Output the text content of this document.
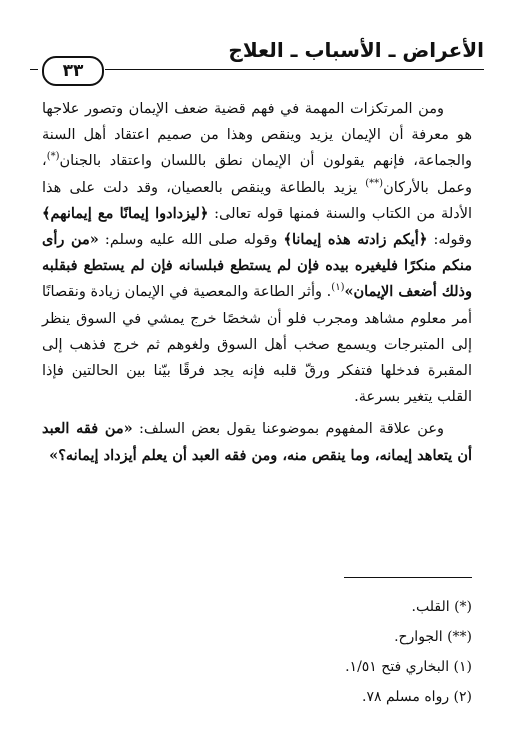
الأعراض ـ الأسباب ـ العلاج
٣٣

ومن المرتكزات المهمة في فهم قضية ضعف الإيمان وتصور علاجها هو معرفة أن الإيمان يزيد وينقص وهذا من صميم اعتقاد أهل السنة والجماعة، فإنهم يقولون أن الإيمان نطق باللسان واعتقاد بالجنان(*)، وعمل بالأركان(**) يزيد بالطاعة وينقص بالعصيان، وقد دلت على هذا الأدلة من الكتاب والسنة فمنها قوله تعالى: ﴿ليزدادوا إيمانًا مع إيمانهم﴾ وقوله: ﴿أيكم زادته هذه إيمانا﴾ وقوله صلى الله عليه وسلم: «من رأى منكم منكرًا فليغيره بيده فإن لم يستطع فبلسانه فإن لم يستطع فبقلبه وذلك أضعف الإيمان»$^{(١)}$. وأثر الطاعة والمعصية في الإيمان زيادة ونقصانًا أمر معلوم مشاهد ومجرب فلو أن شخصًا خرج يمشي في السوق ينظر إلى المتبرجات ويسمع صخب أهل السوق ولغوهم ثم خرج فذهب إلى المقبرة فدخلها فتفكر ورقّ قلبه فإنه يجد فرقًا بيّنا بين الحالتين فإذا القلب يتغير بسرعة.

وعن علاقة المفهوم بموضوعنا يقول بعض السلف: «من فقه العبد أن يتعاهد إيمانه، وما ينقص منه، ومن فقه العبد أن يعلم أيزداد إيمانه؟»

(*) القلب.
(**) الجوارح.
(١) البخاري فتح ١/٥١.
(٢) رواه مسلم ٧٨.
